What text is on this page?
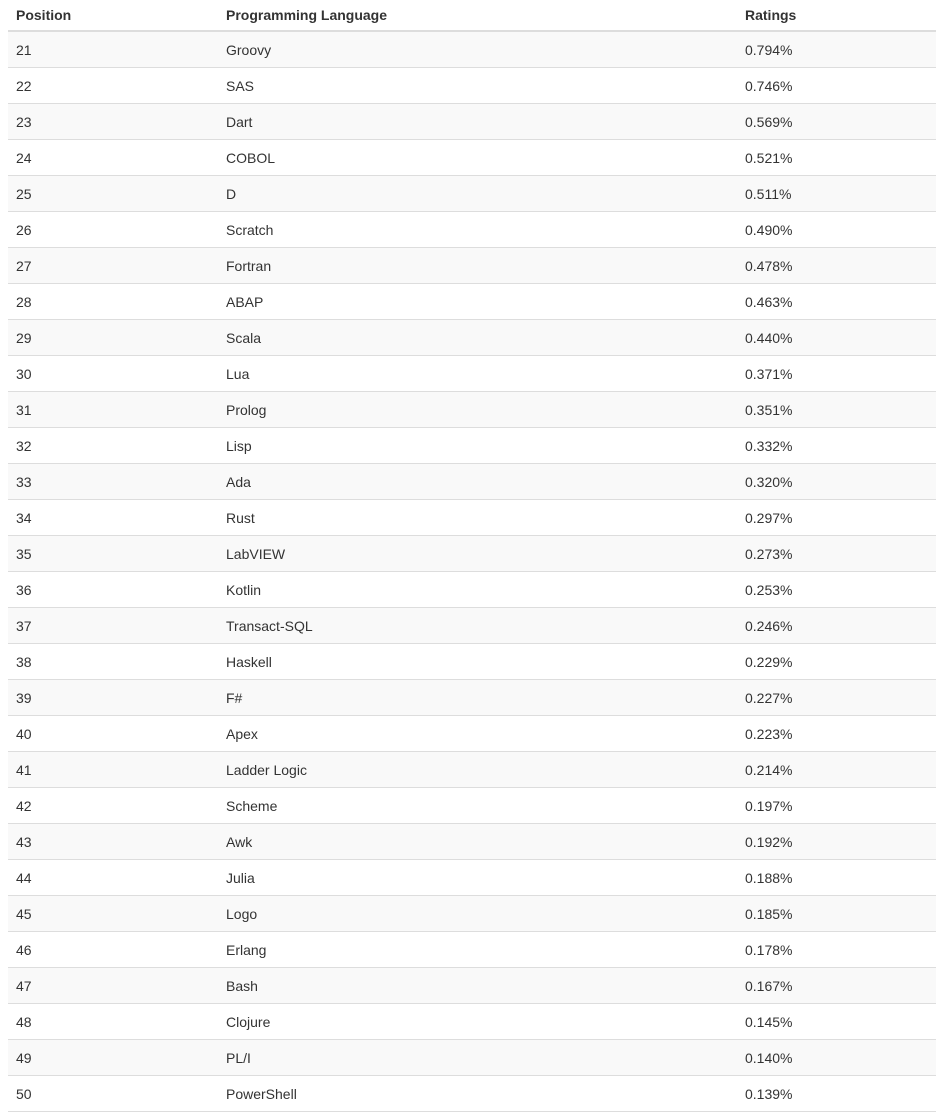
Position	Programming Language	Ratings
21	Groovy	0.794%
22	SAS	0.746%
23	Dart	0.569%
24	COBOL	0.521%
25	D	0.511%
26	Scratch	0.490%
27	Fortran	0.478%
28	ABAP	0.463%
29	Scala	0.440%
30	Lua	0.371%
31	Prolog	0.351%
32	Lisp	0.332%
33	Ada	0.320%
34	Rust	0.297%
35	LabVIEW	0.273%
36	Kotlin	0.253%
37	Transact-SQL	0.246%
38	Haskell	0.229%
39	F#	0.227%
40	Apex	0.223%
41	Ladder Logic	0.214%
42	Scheme	0.197%
43	Awk	0.192%
44	Julia	0.188%
45	Logo	0.185%
46	Erlang	0.178%
47	Bash	0.167%
48	Clojure	0.145%
49	PL/I	0.140%
50	PowerShell	0.139%
